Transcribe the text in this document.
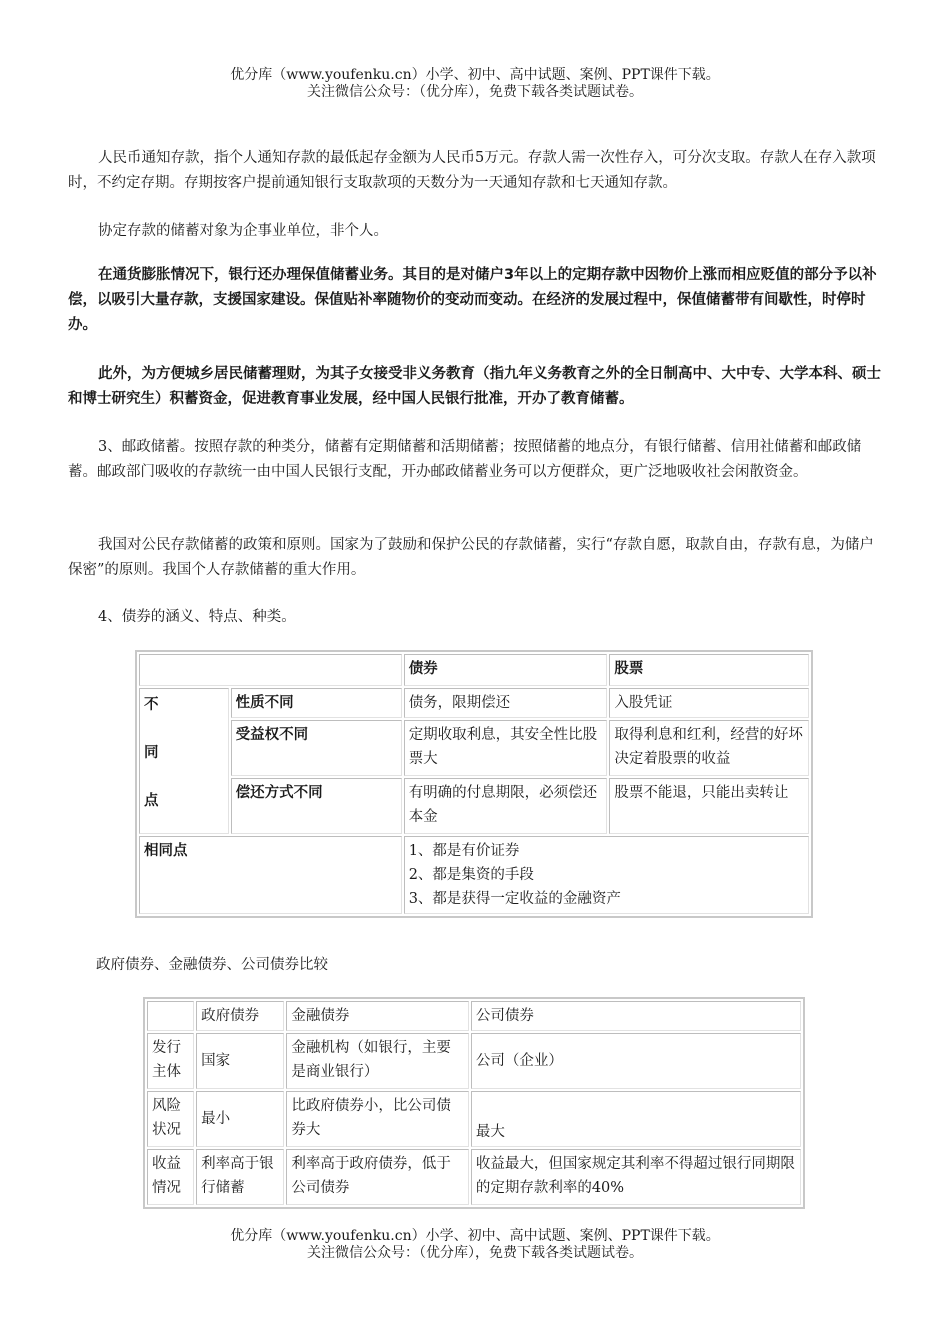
优分库（www.youfenku.cn）小学、初中、高中试题、案例、PPT课件下载。
关注微信公众号：（优分库），免费下载各类试题试卷。

人民币通知存款，指个人通知存款的最低起存金额为人民币5万元。存款人需一次性存入，可分次支取。存款人在存入款项时，不约定存期。存期按客户提前通知银行支取款项的天数分为一天通知存款和七天通知存款。

协定存款的储蓄对象为企事业单位，非个人。

在通货膨胀情况下，银行还办理保值储蓄业务。其目的是对储户3年以上的定期存款中因物价上涨而相应贬值的部分予以补偿，以吸引大量存款，支援国家建设。保值贴补率随物价的变动而变动。在经济的发展过程中，保值储蓄带有间歇性，时停时办。

此外，为方便城乡居民储蓄理财，为其子女接受非义务教育（指九年义务教育之外的全日制高中、大中专、大学本科、硕士和博士研究生）积蓄资金，促进教育事业发展，经中国人民银行批准，开办了教育储蓄。

3、邮政储蓄。按照存款的种类分，储蓄有定期储蓄和活期储蓄；按照储蓄的地点分，有银行储蓄、信用社储蓄和邮政储蓄。邮政部门吸收的存款统一由中国人民银行支配，开办邮政储蓄业务可以方便群众，更广泛地吸收社会闲散资金。

我国对公民存款储蓄的政策和原则。国家为了鼓励和保护公民的存款储蓄，实行“存款自愿，取款自由，存款有息，为储户保密”的原则。我国个人存款储蓄的重大作用。

4、债券的涵义、特点、种类。

		债券	股票

不
同
点	性质不同	债务，限期偿还	入股凭证
	受益权不同	定期收取利息，其安全性比股票大	取得利息和红利，经营的好坏决定着股票的收益
	偿还方式不同	有明确的付息期限，必须偿还本金	股票不能退，只能出卖转让
相同点		1、都是有价证券
2、都是集资的手段
3、都是获得一定收益的金融资产	

政府债券、金融债券、公司债券比较

	政府债券	金融债券	公司债券
发行主体	国家	金融机构（如银行，主要是商业银行）	公司（企业）
风险状况	最小	比政府债券小，比公司债券大	最大
收益情况	利率高于银行储蓄	利率高于政府债券，低于公司债券	收益最大，但国家规定其利率不得超过银行同期限的定期存款利率的40%
优分库（www.youfenku.cn）小学、初中、高中试题、案例、PPT课件下载。
关注微信公众号：（优分库），免费下载各类试题试卷。
